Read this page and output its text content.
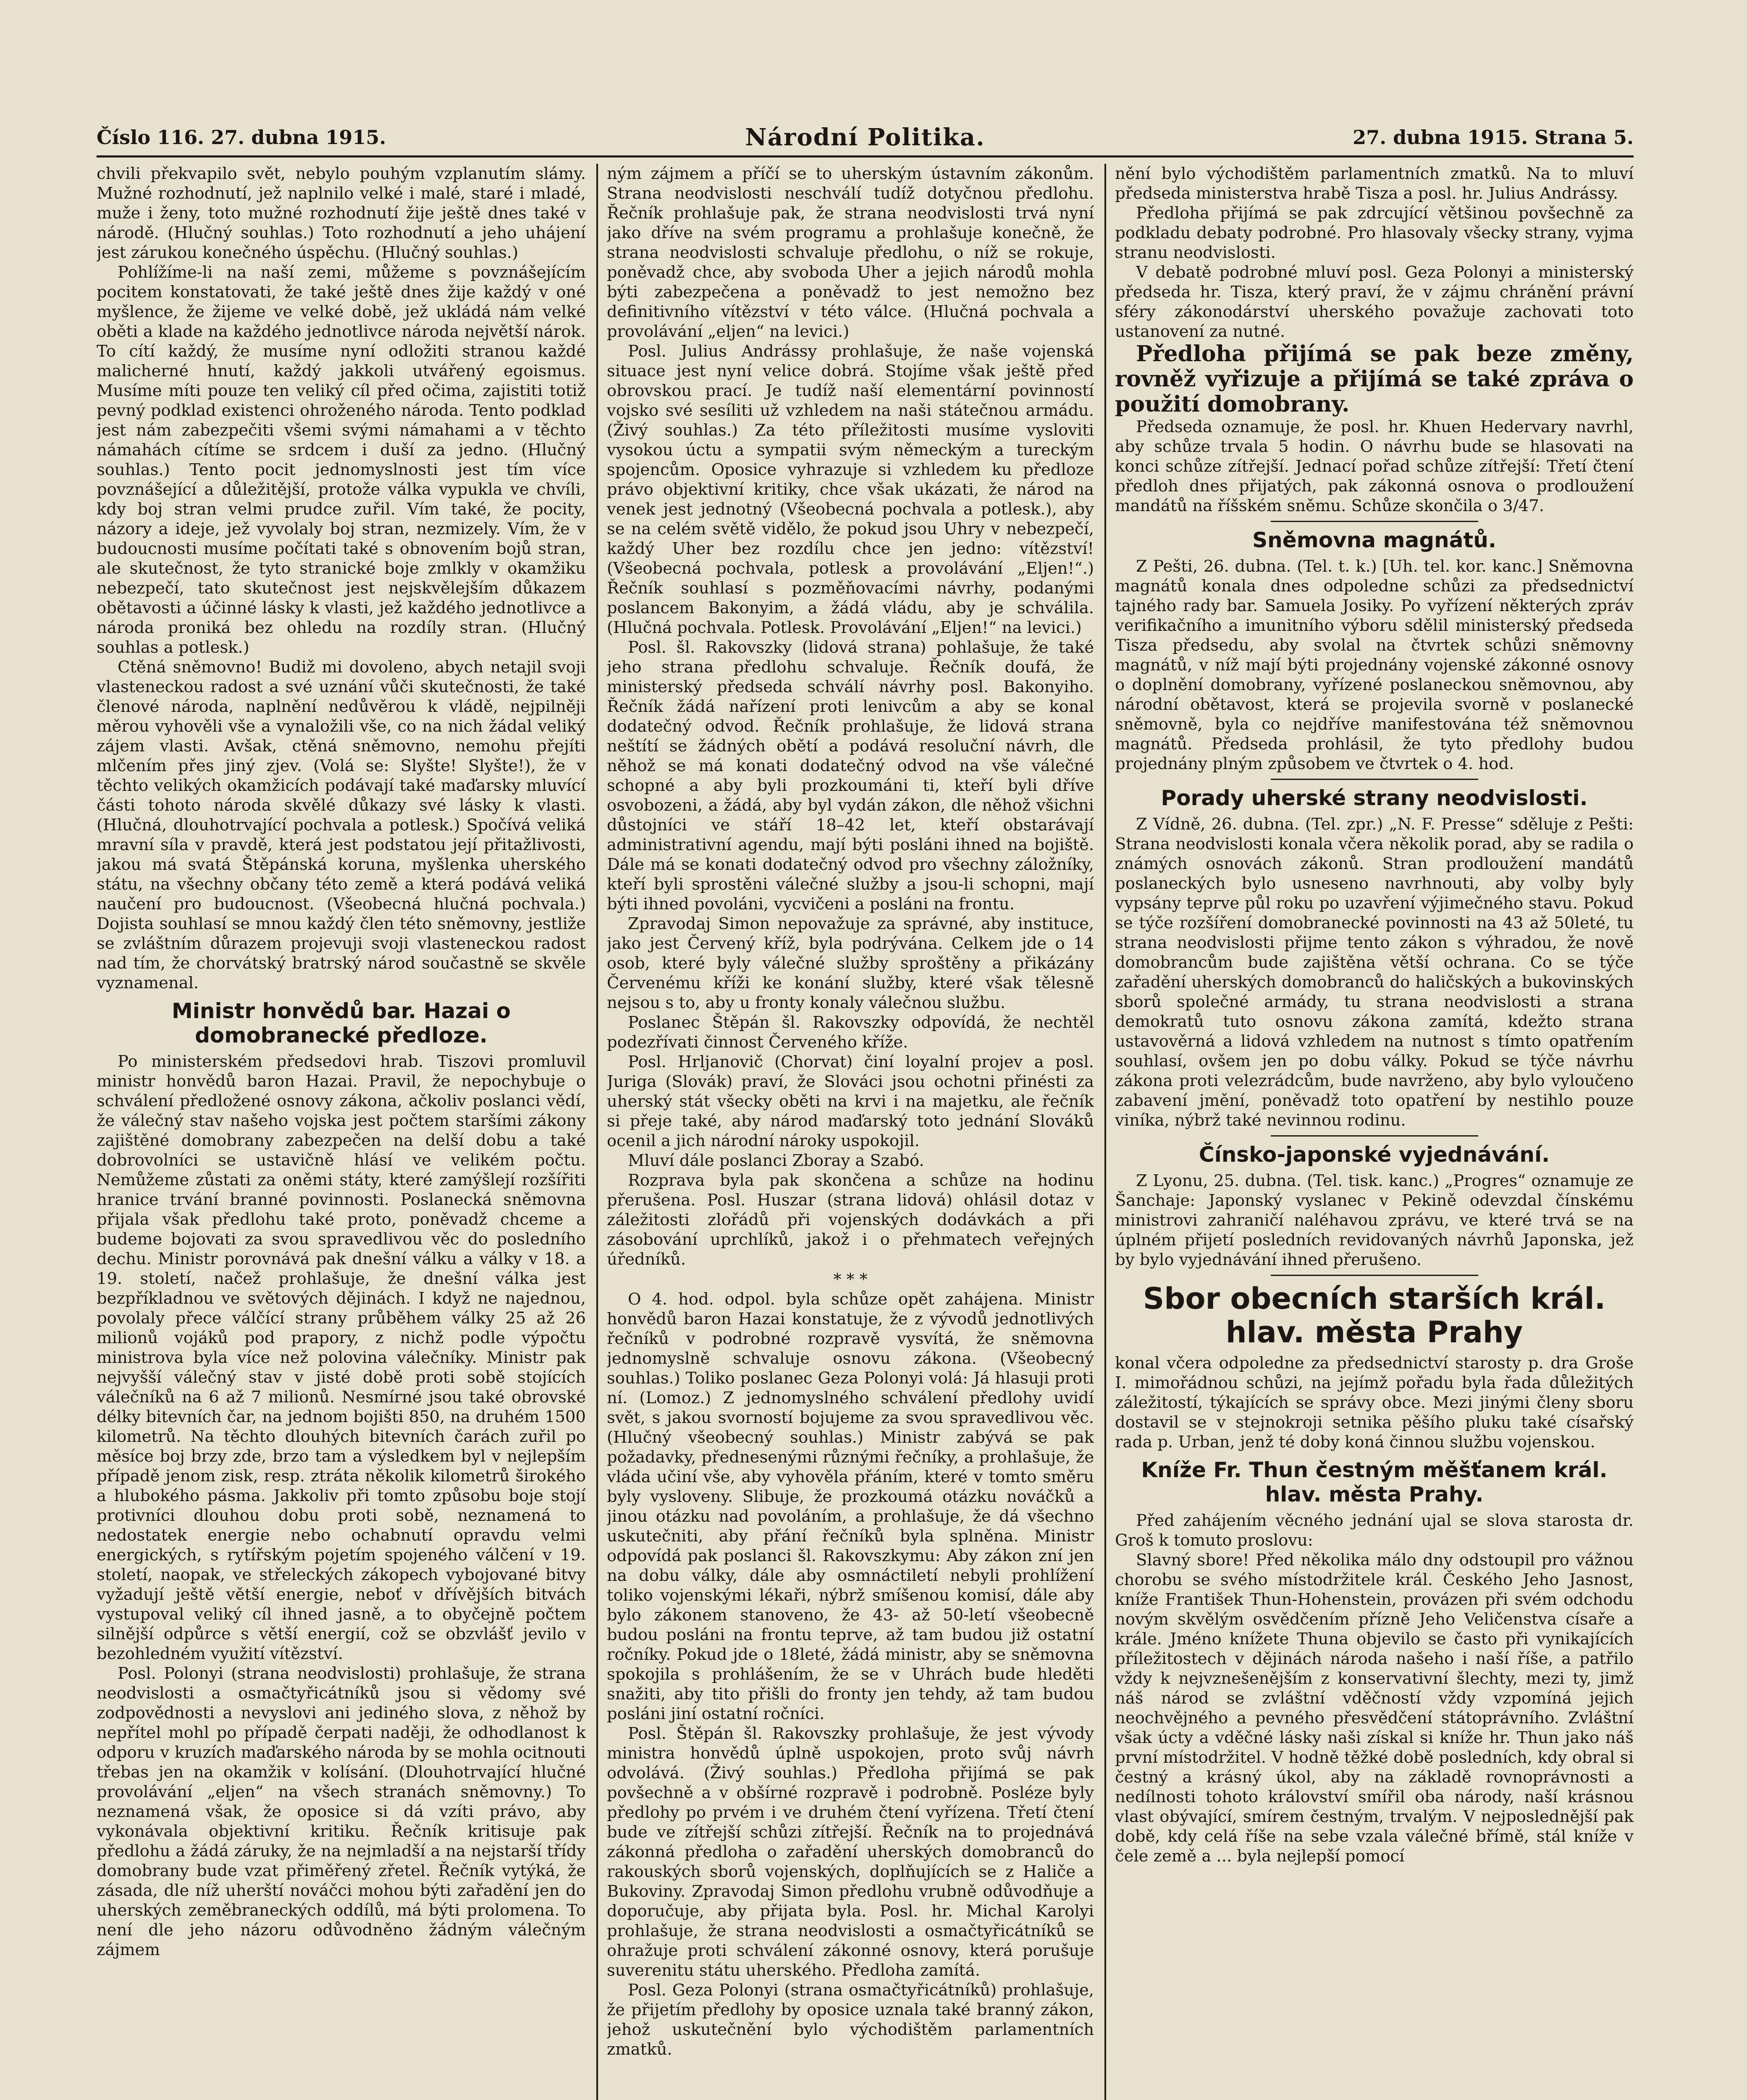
Číslo 116. 27. dubna 1915.	Národní Politika.	27. dubna 1915. Strana 5.

chvili překvapilo svět, nebylo pouhým vzplanutím slámy. Mužné rozhodnutí, jež naplnilo velké i malé, staré i mladé, muže i ženy, toto mužné rozhodnutí žije ještě dnes také v národě. (Hlučný souhlas.) Toto rozhodnutí a jeho uhájení jest zárukou konečného úspěchu. (Hlučný souhlas.)

Pohlížíme-li na naší zemi, můžeme s povznášejícím pocitem konstatovati, že také ještě dnes žije každý v oné myšlence, že žijeme ve velké době, jež ukládá nám velké oběti a klade na každého jednotlivce národa největší nárok. To cítí každý, že musíme nyní odložiti stranou každé malicherné hnutí, každý jakkoli utvářený egoismus. Musíme míti pouze ten veliký cíl před očima, zajistiti totiž pevný podklad existenci ohroženého národa. Tento podklad jest nám zabezpečiti všemi svými námahami a v těchto námahách cítíme se srdcem i duší za jedno. (Hlučný souhlas.) Tento pocit jednomyslnosti jest tím více povznášející a důležitější, protože válka vypukla ve chvíli, kdy boj stran velmi prudce zuřil. Vím také, že pocity, názory a ideje, jež vyvolaly boj stran, nezmizely. Vím, že v budoucnosti musíme počítati také s obnovením bojů stran, ale skutečnost, že tyto stranické boje zmlkly v okamžiku nebezpečí, tato skutečnost jest nejskvělejším důkazem obětavosti a účinné lásky k vlasti, jež každého jednotlivce a národa proniká bez ohledu na rozdíly stran. (Hlučný souhlas a potlesk.)

Ctěná sněmovno! Budiž mi dovoleno, abych netajil svoji vlasteneckou radost a své uznání vůči skutečnosti, že také členové národa, naplnění nedůvěrou k vládě, nejpilněji měrou vyhověli vše a vynaložili vše, co na nich žádal veliký zájem vlasti. Avšak, ctěná sněmovno, nemohu přejíti mlčením přes jiný zjev. (Volá se: Slyšte! Slyšte!), že v těchto velikých okamžicích podávají také maďarsky mluvící části tohoto národa skvělé důkazy své lásky k vlasti. (Hlučná, dlouhotrvající pochvala a potlesk.) Spočívá veliká mravní síla v pravdě, která jest podstatou její přitažlivosti, jakou má svatá Štěpánská koruna, myšlenka uherského státu, na všechny občany této země a která podává veliká naučení pro budoucnost. (Všeobecná hlučná pochvala.) Dojista souhlasí se mnou každý člen této sněmovny, jestliže se zvláštním důrazem projevuji svoji vlasteneckou radost nad tím, že chorvátský bratrský národ součastně se skvěle vyznamenal.

Ministr honvědů bar. Hazai o domobranecké předloze.

Po ministerském předsedovi hrab. Tiszovi promluvil ministr honvědů baron Hazai. Pravil, že nepochybuje o schválení předložené osnovy zákona, ačkoliv poslanci vědí, že válečný stav našeho vojska jest počtem staršími zákony zajištěné domobrany zabezpečen na delší dobu a také dobrovolníci se ustavičně hlásí ve velikém počtu. Nemůžeme zůstati za oněmi státy, které zamýšlejí rozšířiti hranice trvání branné povinnosti. Poslanecká sněmovna přijala však předlohu také proto, poněvadž chceme a budeme bojovati za svou spravedlivou věc do posledního dechu. Ministr porovnává pak dnešní válku a války v 18. a 19. století, načež prohlašuje, že dnešní válka jest bezpříkladnou ve světových dějinách. I když ne najednou, povolaly přece válčící strany průběhem války 25 až 26 milionů vojáků pod prapory, z nichž podle výpočtu ministrova byla více než polovina válečníky. Ministr pak nejvyšší válečný stav v jisté době proti sobě stojících válečníků na 6 až 7 milionů. Nesmírné jsou také obrovské délky bitevních čar, na jednom bojišti 850, na druhém 1500 kilometrů. Na těchto dlouhých bitevních čarách zuřil po měsíce boj brzy zde, brzo tam a výsledkem byl v nejlepším případě jenom zisk, resp. ztráta několik kilometrů širokého a hlubokého pásma. Jakkoliv při tomto způsobu boje stojí protivníci dlouhou dobu proti sobě, neznamená to nedostatek energie nebo ochabnutí opravdu velmi energických, s rytířským pojetím spojeného válčení v 19. století, naopak, ve střeleckých zákopech vybojované bitvy vyžadují ještě větší energie, neboť v dřívějších bitvách vystupoval veliký cíl ihned jasně, a to obyčejně počtem silnější odpůrce s větší energií, což se obzvlášť jevilo v bezohledném využití vítězství.

Posl. Polonyi (strana neodvislosti) prohlašuje, že strana neodvislosti a osmačtyřicátníků jsou si vědomy své zodpovědnosti a nevyslovi ani jediného slova, z něhož by nepřítel mohl po případě čerpati naději, že odhodlanost k odporu v kruzích maďarského národa by se mohla ocitnouti třebas jen na okamžik v kolísání. (Dlouhotrvající hlučné provolávání „eljen“ na všech stranách sněmovny.) To neznamená však, že oposice si dá vzíti právo, aby vykonávala objektivní kritiku. Řečník kritisuje pak předlohu a žádá záruky, že na nejmladší a na nejstarší třídy domobrany bude vzat přiměřený zřetel. Řečník vytýká, že zásada, dle níž uherští nováčci mohou býti zařadění jen do uherských zeměbraneckých oddílů, má býti prolomena. To není dle jeho názoru odůvodněno žádným válečným zájmem

ným zájmem a příčí se to uherským ústavním zákonům. Strana neodvislosti neschválí tudíž dotyčnou předlohu. Řečník prohlašuje pak, že strana neodvislosti trvá nyní jako dříve na svém programu a prohlašuje konečně, že strana neodvislosti schvaluje předlohu, o níž se rokuje, poněvadž chce, aby svoboda Uher a jejich národů mohla býti zabezpečena a poněvadž to jest nemožno bez definitivního vítězství v této válce. (Hlučná pochvala a provolávání „eljen“ na levici.)

Posl. Julius Andrássy prohlašuje, že naše vojenská situace jest nyní velice dobrá. Stojíme však ještě před obrovskou prací. Je tudíž naší elementární povinností vojsko své sesíliti už vzhledem na naši státečnou armádu. (Živý souhlas.) Za této příležitosti musíme vysloviti vysokou úctu a sympatii svým německým a tureckým spojencům. Oposice vyhrazuje si vzhledem ku předloze právo objektivní kritiky, chce však ukázati, že národ na venek jest jednotný (Všeobecná pochvala a potlesk.), aby se na celém světě vidělo, že pokud jsou Uhry v nebezpečí, každý Uher bez rozdílu chce jen jedno: vítězství! (Všeobecná pochvala, potlesk a provolávání „Eljen!“.) Řečník souhlasí s pozměňovacími návrhy, podanými poslancem Bakonyim, a žádá vládu, aby je schválila. (Hlučná pochvala. Potlesk. Provolávání „Eljen!“ na levici.)

Posl. šl. Rakovszky (lidová strana) pohlašuje, že také jeho strana předlohu schvaluje. Řečník doufá, že ministerský předseda schválí návrhy posl. Bakonyiho. Řečník žádá nařízení proti lenivcům a aby se konal dodatečný odvod. Řečník prohlašuje, že lidová strana neštítí se žádných obětí a podává resoluční návrh, dle něhož se má konati dodatečný odvod na vše válečné schopné a aby byli prozkoumáni ti, kteří byli dříve osvobozeni, a žádá, aby byl vydán zákon, dle něhož všichni důstojníci ve stáří 18–42 let, kteří obstarávají administrativní agendu, mají býti posláni ihned na bojiště. Dále má se konati dodatečný odvod pro všechny záložníky, kteří byli sprostěni válečné služby a jsou-li schopni, mají býti ihned povoláni, vycvičeni a posláni na frontu.

Zpravodaj Simon nepovažuje za správné, aby instituce, jako jest Červený kříž, byla podrývána. Celkem jde o 14 osob, které byly válečné služby sproštěny a přikázány Červenému kříži ke konání služby, které však tělesně nejsou s to, aby u fronty konaly válečnou službu.

Poslanec Štěpán šl. Rakovszky odpovídá, že nechtěl podezřívati činnost Červeného kříže.

Posl. Hrljanovič (Chorvat) činí loyalní projev a posl. Juriga (Slovák) praví, že Slováci jsou ochotni přinésti za uherský stát všecky oběti na krvi i na majetku, ale řečník si přeje také, aby národ maďarský toto jednání Slováků ocenil a jich národní nároky uspokojil.

Mluví dále poslanci Zboray a Szabó.

Rozprava byla pak skončena a schůze na hodinu přerušena. Posl. Huszar (strana lidová) ohlásil dotaz v záležitosti zlořádů při vojenských dodávkách a při zásobování uprchlíků, jakož i o přehmatech veřejných úředníků.

* * *

O 4. hod. odpol. byla schůze opět zahájena. Ministr honvědů baron Hazai konstatuje, že z vývodů jednotlivých řečníků v podrobné rozpravě vysvítá, že sněmovna jednomyslně schvaluje osnovu zákona. (Všeobecný souhlas.) Toliko poslanec Geza Polonyi volá: Já hlasuji proti ní. (Lomoz.) Z jednomyslného schválení předlohy uvidí svět, s jakou svorností bojujeme za svou spravedlivou věc. (Hlučný všeobecný souhlas.) Ministr zabývá se pak požadavky, přednesenými různými řečníky, a prohlašuje, že vláda učiní vše, aby vyhověla přáním, které v tomto směru byly vysloveny. Slibuje, že prozkoumá otázku nováčků a jinou otázku nad povoláním, a prohlašuje, že dá všechno uskutečniti, aby přání řečníků byla splněna. Ministr odpovídá pak poslanci šl. Rakovszkymu: Aby zákon zní jen na dobu války, dále aby osmnáctiletí nebyli prohlížení toliko vojenskými lékaři, nýbrž smíšenou komisí, dále aby bylo zákonem stanoveno, že 43- až 50-letí všeobecně budou posláni na frontu teprve, až tam budou již ostatní ročníky. Pokud jde o 18leté, žádá ministr, aby se sněmovna spokojila s prohlášením, že se v Uhrách bude hleděti snažiti, aby tito přišli do fronty jen tehdy, až tam budou posláni jiní ostatní ročníci.

Posl. Štěpán šl. Rakovszky prohlašuje, že jest vývody ministra honvědů úplně uspokojen, proto svůj návrh odvolává. (Živý souhlas.) Předloha přijímá se pak povšechně a v obšírné rozpravě i podrobně. Posléze byly předlohy po prvém i ve druhém čtení vyřízena. Třetí čtení bude ve zítřejší schůzi zítřejší. Řečník na to projednává zákonná předloha o zařadění uherských domobranců do rakouských sborů vojenských, doplňujících se z Haliče a Bukoviny. Zpravodaj Simon předlohu vrubně odůvodňuje a doporučuje, aby přijata byla. Posl. hr. Michal Karolyi prohlašuje, že strana neodvislosti a osmačtyřicátníků se ohražuje proti schválení zákonné osnovy, která porušuje suverenitu státu uherského. Předloha zamítá.

Posl. Geza Polonyi (strana osmačtyřicátníků) prohlašuje, že přijetím předlohy by oposice uznala také branný zákon, jehož uskutečnění bylo východištěm parlamentních zmatků.

nění bylo východištěm parlamentních zmatků. Na to mluví předseda ministerstva hrabě Tisza a posl. hr. Julius Andrássy.

Předloha přijímá se pak zdrcující většinou povšechně za podkladu debaty podrobné. Pro hlasovaly všecky strany, vyjma stranu neodvislosti.

V debatě podrobné mluví posl. Geza Polonyi a ministerský předseda hr. Tisza, který praví, že v zájmu chránění právní sféry zákonodárství uherského považuje zachovati toto ustanovení za nutné.

Předloha přijímá se pak beze změny, rovněž vyřizuje a přijímá se také zpráva o použití domobrany.

Předseda oznamuje, že posl. hr. Khuen Hedervary navrhl, aby schůze trvala 5 hodin. O návrhu bude se hlasovati na konci schůze zítřejší. Jednací pořad schůze zítřejší: Třetí čtení předloh dnes přijatých, pak zákonná osnova o prodloužení mandátů na říšském sněmu. Schůze skončila o 3/47.

Sněmovna magnátů.

Z Pešti, 26. dubna. (Tel. t. k.) [Uh. tel. kor. kanc.] Sněmovna magnátů konala dnes odpoledne schůzi za předsednictví tajného rady bar. Samuela Josiky. Po vyřízení některých zpráv verifikačního a imunitního výboru sdělil ministerský předseda Tisza předsedu, aby svolal na čtvrtek schůzi sněmovny magnátů, v níž mají býti projednány vojenské zákonné osnovy o doplnění domobrany, vyřízené poslaneckou sněmovnou, aby národní obětavost, která se projevila svorně v poslanecké sněmovně, byla co nejdříve manifestována též sněmovnou magnátů. Předseda prohlásil, že tyto předlohy budou projednány plným způsobem ve čtvrtek o 4. hod.

Porady uherské strany neodvislosti.

Z Vídně, 26. dubna. (Tel. zpr.) „N. F. Presse“ sděluje z Pešti: Strana neodvislosti konala včera několik porad, aby se radila o známých osnovách zákonů. Stran prodloužení mandátů poslaneckých bylo usneseno navrhnouti, aby volby byly vypsány teprve půl roku po uzavření výjimečného stavu. Pokud se týče rozšíření domobranecké povinnosti na 43 až 50leté, tu strana neodvislosti přijme tento zákon s výhradou, že nově domobrancům bude zajištěna větší ochrana. Co se týče zařadění uherských domobranců do haličských a bukovinských sborů společné armády, tu strana neodvislosti a strana demokratů tuto osnovu zákona zamítá, kdežto strana ustavověrná a lidová vzhledem na nutnost s tímto opatřením souhlasí, ovšem jen po dobu války. Pokud se týče návrhu zákona proti velezrádcům, bude navrženo, aby bylo vyloučeno zabavení jmění, poněvadž toto opatření by nestihlo pouze viníka, nýbrž také nevinnou rodinu.

Čínsko-japonské vyjednávání.

Z Lyonu, 25. dubna. (Tel. tisk. kanc.) „Progres“ oznamuje ze Šanchaje: Japonský vyslanec v Pekině odevzdal čínskému ministrovi zahraničí naléhavou zprávu, ve které trvá se na úplném přijetí posledních revidovaných návrhů Japonska, jež by bylo vyjednávání ihned přerušeno.

Sbor obecních starších král. hlav. města Prahy

konal včera odpoledne za předsednictví starosty p. dra Groše I. mimořádnou schůzi, na jejímž pořadu byla řada důležitých záležitostí, týkajících se správy obce. Mezi jinými členy sboru dostavil se v stejnokroji setnika pěšího pluku také císařský rada p. Urban, jenž té doby koná činnou službu vojenskou.

Kníže Fr. Thun čestným měšťanem král. hlav. města Prahy.

Před zahájením věcného jednání ujal se slova starosta dr. Groš k tomuto proslovu:

Slavný sbore! Před několika málo dny odstoupil pro vážnou chorobu se svého místodržitele král. Českého Jeho Jasnost, kníže František Thun-Hohenstein, provázen při svém odchodu novým skvělým osvědčením přízně Jeho Veličenstva císaře a krále. Jméno knížete Thuna objevilo se často při vynikajících příležitostech v dějinách národa našeho i naší říše, a patřilo vždy k nejvznešenějším z konservativní šlechty, mezi ty, jimž náš národ se zvláštní vděčností vždy vzpomíná jejich neochvějného a pevného přesvědčení státoprávního. Zvláštní však úcty a vděčné lásky naši získal si kníže hr. Thun jako náš první místodržitel. V hodně těžké době posledních, kdy obral si čestný a krásný úkol, aby na základě rovnoprávnosti a nedílnosti tohoto království smířil oba národy, naší krásnou vlast obývající, smírem čestným, trvalým. V nejposlednější pak době, kdy celá říše na sebe vzala válečné břímě, stál kníže v čele země a ... byla nejlepší pomocí
